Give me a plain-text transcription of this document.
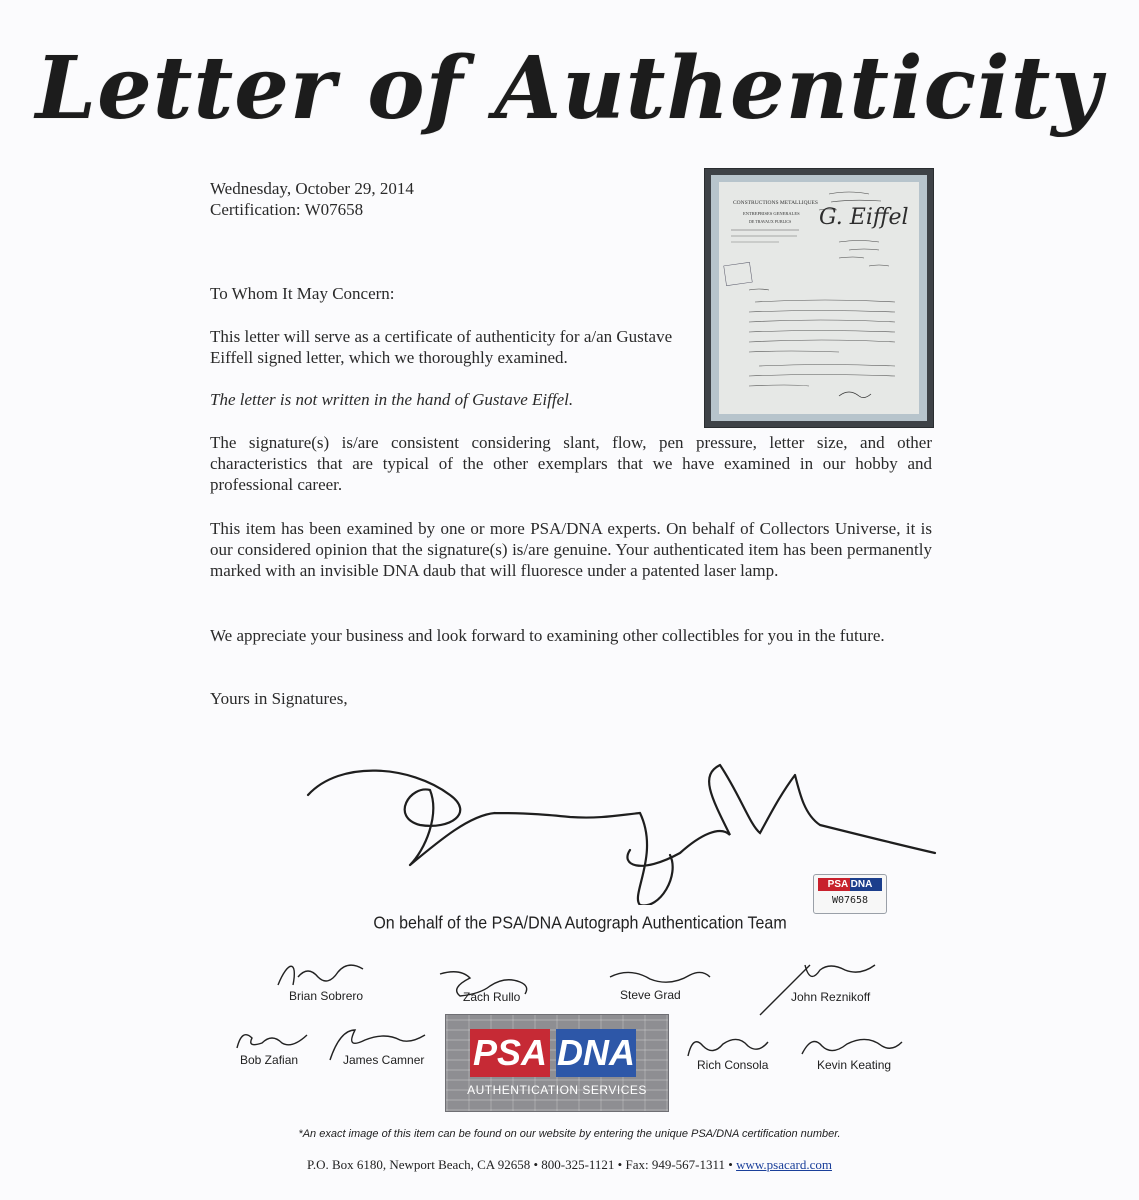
Letter of Authenticity
Wednesday, October 29, 2014
Certification: W07658
To Whom It May Concern:
This letter will serve as a certificate of authenticity for a/an Gustave Eiffell signed letter, which we thoroughly examined.
The letter is not written in the hand of Gustave Eiffel.
CONSTRUCTIONS METALLIQUES
ENTREPRISES GENERALES
DE TRAVAUX PUBLICS G. Eiffel
The signature(s) is/are consistent considering slant, flow, pen pressure, letter size, and other characteristics that are typical of the other exemplars that we have examined in our hobby and professional career.
This item has been examined by one or more PSA/DNA experts. On behalf of Collectors Universe, it is our considered opinion that the signature(s) is/are genuine. Your authenticated item has been permanently marked with an invisible DNA daub that will fluoresce under a patented laser lamp.
We appreciate your business and look forward to examining other collectibles for you in the future.
Yours in Signatures,
PSA DNA
W07658
On behalf of the PSA/DNA Autograph Authentication Team
Brian Sobrero	Zach Rullo	Steve Grad	John Reznikoff
Bob Zafian	James Camner	Rich Consola	Kevin Keating
PSA DNA
AUTHENTICATION SERVICES
*An exact image of this item can be found on our website by entering the unique PSA/DNA certification number.
P.O. Box 6180, Newport Beach, CA 92658 • 800-325-1121 • Fax: 949-567-1311 • www.psacard.com
